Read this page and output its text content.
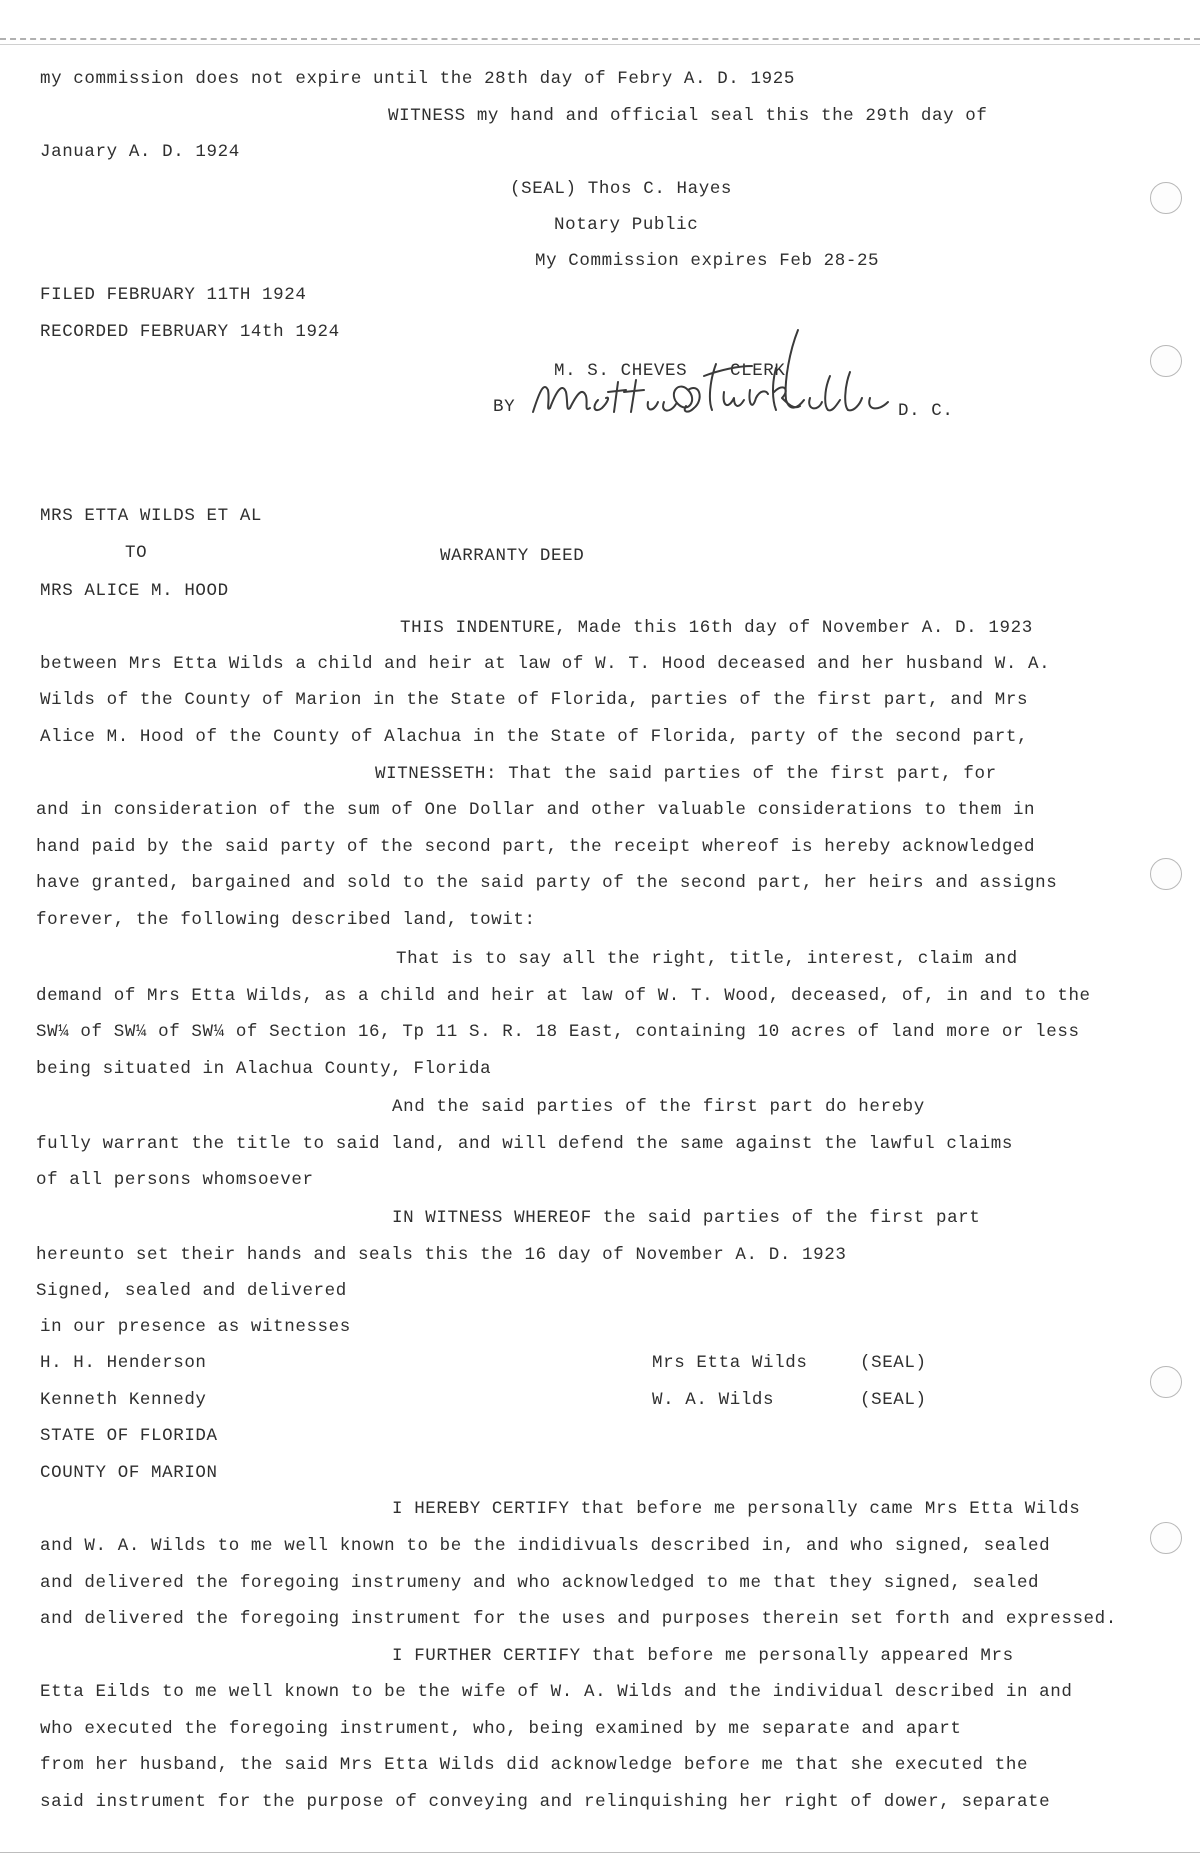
my commission does not expire until the 28th day of Febry A. D. 1925
WITNESS my hand and official seal this the 29th day of
January A. D. 1924
(SEAL) Thos C. Hayes
Notary Public
My Commission expires Feb 28-25
FILED FEBRUARY 11TH 1924
RECORDED FEBRUARY 14th 1924
M. S. CHEVES CLERK
BY	D. C.
MRS ETTA WILDS ET AL
TO	WARRANTY DEED
MRS ALICE M. HOOD
THIS INDENTURE, Made this 16th day of November A. D. 1923
between Mrs Etta Wilds a child and heir at law of W. T. Hood deceased and her husband W. A.
Wilds of the County of Marion in the State of Florida, parties of the first part, and Mrs
Alice M. Hood of the County of Alachua in the State of Florida, party of the second part,
WITNESSETH: That the said parties of the first part, for
and in consideration of the sum of One Dollar and other valuable considerations to them in
hand paid by the said party of the second part, the receipt whereof is hereby acknowledged
have granted, bargained and sold to the said party of the second part, her heirs and assigns
forever, the following described land, towit:
That is to say all the right, title, interest, claim and
demand of Mrs Etta Wilds, as a child and heir at law of W. T. Wood, deceased, of, in and to the
SW¼ of SW¼ of SW¼ of Section 16, Tp 11 S. R. 18 East, containing 10 acres of land more or less
being situated in Alachua County, Florida
And the said parties of the first part do hereby
fully warrant the title to said land, and will defend the same against the lawful claims
of all persons whomsoever
IN WITNESS WHEREOF the said parties of the first part
hereunto set their hands and seals this the 16 day of November A. D. 1923
Signed, sealed and delivered
in our presence as witnesses
H. H. Henderson	Mrs Etta Wilds	(SEAL)
Kenneth Kennedy	W. A. Wilds	(SEAL)
STATE OF FLORIDA
COUNTY OF MARION
I HEREBY CERTIFY that before me personally came Mrs Etta Wilds
and W. A. Wilds to me well known to be the indidivuals described in, and who signed, sealed
and delivered the foregoing instrumeny and who acknowledged to me that they signed, sealed
and delivered the foregoing instrument for the uses and purposes therein set forth and expressed.
I FURTHER CERTIFY that before me personally appeared Mrs
Etta Eilds to me well known to be the wife of W. A. Wilds and the individual described in and
who executed the foregoing instrument, who, being examined by me separate and apart
from her husband, the said Mrs Etta Wilds did acknowledge before me that she executed the
said instrument for the purpose of conveying and relinquishing her right of dower, separate
